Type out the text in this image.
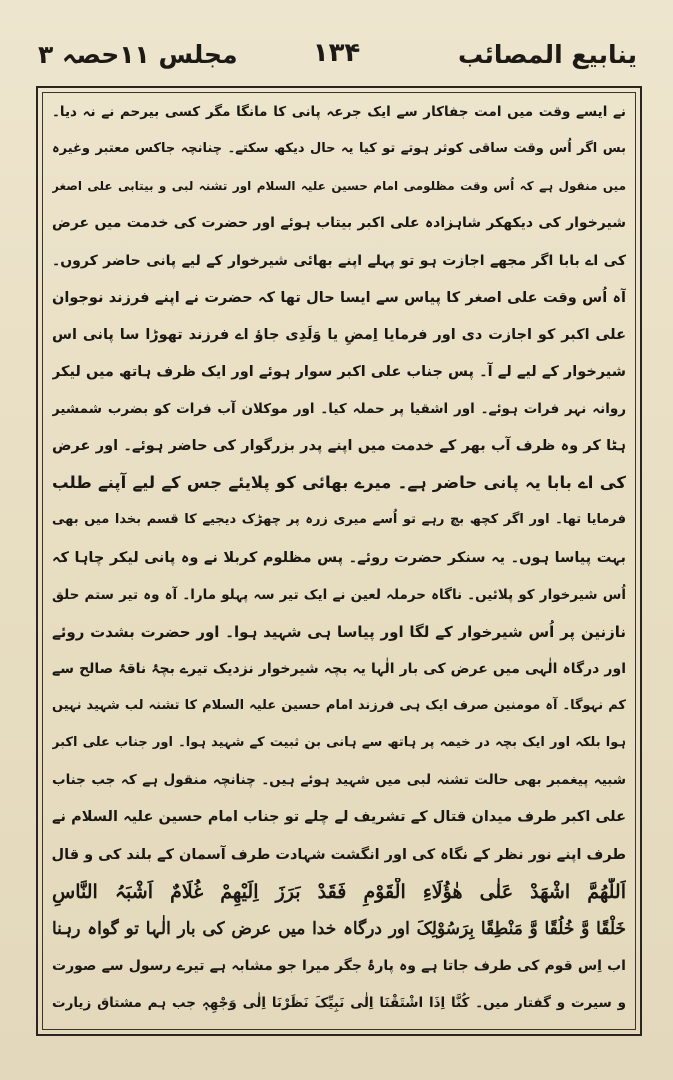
ینابیع المصائب
۱۳۴
مجلس ۱۱حصہ ۳
نے ایسے وقت میں امت جفاکار سے ایک جرعہ پانی کا مانگا مگر کسی بیرحم نے نہ دیا۔
بس اگر اُس وقت ساقی کوثر ہوتے تو کیا یہ حال دیکھ سکتے۔ چنانچہ جاکس معتبر وغیرہ
میں منقول ہے کہ اُس وقت مظلومی امام حسین علیہ السلام اور تشنہ لبی و بیتابی علی اصغر
شیرخوار کی دیکھکر شاہزادہ علی اکبر بیتاب ہوئے اور حضرت کی خدمت میں عرض
کی اے بابا اگر مجھے اجازت ہو تو پہلے اپنے بھائی شیرخوار کے لیے پانی حاضر کروں۔
آہ اُس وقت علی اصغر کا پیاس سے ایسا حال تھا کہ حضرت نے اپنے فرزند نوجوان
علی اکبر کو اجازت دی اور فرمایا اِمضِ یا وَلَدِی جاؤ اے فرزند تھوڑا سا پانی اس
شیرخوار کے لیے لے آ۔ پس جناب علی اکبر سوار ہوئے اور ایک ظرف ہاتھ میں لیکر
روانہ نہر فرات ہوئے۔ اور اشقیا پر حملہ کیا۔ اور موکلان آب فرات کو بضرب شمشیر
ہٹا کر وہ ظرف آب بھر کے خدمت میں اپنے پدر بزرگوار کی حاضر ہوئے۔ اور عرض
کی اے بابا یہ پانی حاضر ہے۔ میرے بھائی کو پلایئے جس کے لیے آپنے طلب
فرمایا تھا۔ اور اگر کچھ بچ رہے تو اُسے میری زرہ پر چھڑک دیجیے کا قسم بخدا میں بھی
بہت پیاسا ہوں۔ یہ سنکر حضرت روئے۔ پس مظلوم کربلا نے وہ پانی لیکر چاہا کہ
اُس شیرخوار کو پلائیں۔ ناگاہ حرملہ لعین نے ایک تیر سہ پہلو مارا۔ آہ وہ تیر ستم حلق
نازنین پر اُس شیرخوار کے لگا اور پیاسا ہی شہید ہوا۔ اور حضرت بشدت روئے
اور درگاہ الٰہی میں عرض کی بار الٰہا یہ بچہ شیرخوار نزدیک تیرے بچۂ ناقۂ صالح سے
کم نہوگا۔ آہ مومنین صرف ایک ہی فرزند امام حسین علیہ السلام کا تشنہ لب شہید نہیں
ہوا بلکہ اور ایک بچہ در خیمہ پر ہاتھ سے ہانی بن ثبیت کے شہید ہوا۔ اور جناب علی اکبر
شبیہ پیغمبر بھی حالت تشنہ لبی میں شہید ہوئے ہیں۔ چنانچہ منقول ہے کہ جب جناب
علی اکبر طرف میدان قتال کے تشریف لے چلے تو جناب امام حسین علیہ السلام نے
طرف اپنے نور نظر کے نگاہ کی اور انگشت شہادت طرف آسمان کے بلند کی و قال
اَللّٰھُمَّ اشْھَدْ عَلٰی ھٰؤُلَاءِ الْقَوْمِ فَقَدْ بَرَزَ اِلَیْھِمْ غُلَامٌ اَشْبَہُ النَّاسِ
خَلْقًا وَّ خُلُقًا وَّ مَنْطِقًا بِرَسُوْلِکَ اور درگاہ خدا میں عرض کی بار الٰہا تو گواہ رہنا
اب اِس قوم کی طرف جاتا ہے وہ پارۂ جگر میرا جو مشابہ ہے تیرے رسول سے صورت
و سیرت و گفتار میں۔ کُنَّا اِذَا اشْتَقْنَا اِلٰی نَبِیِّکَ نَظَرْنَا اِلٰی وَجْھِہٖ جب ہم مشتاق زیارت
